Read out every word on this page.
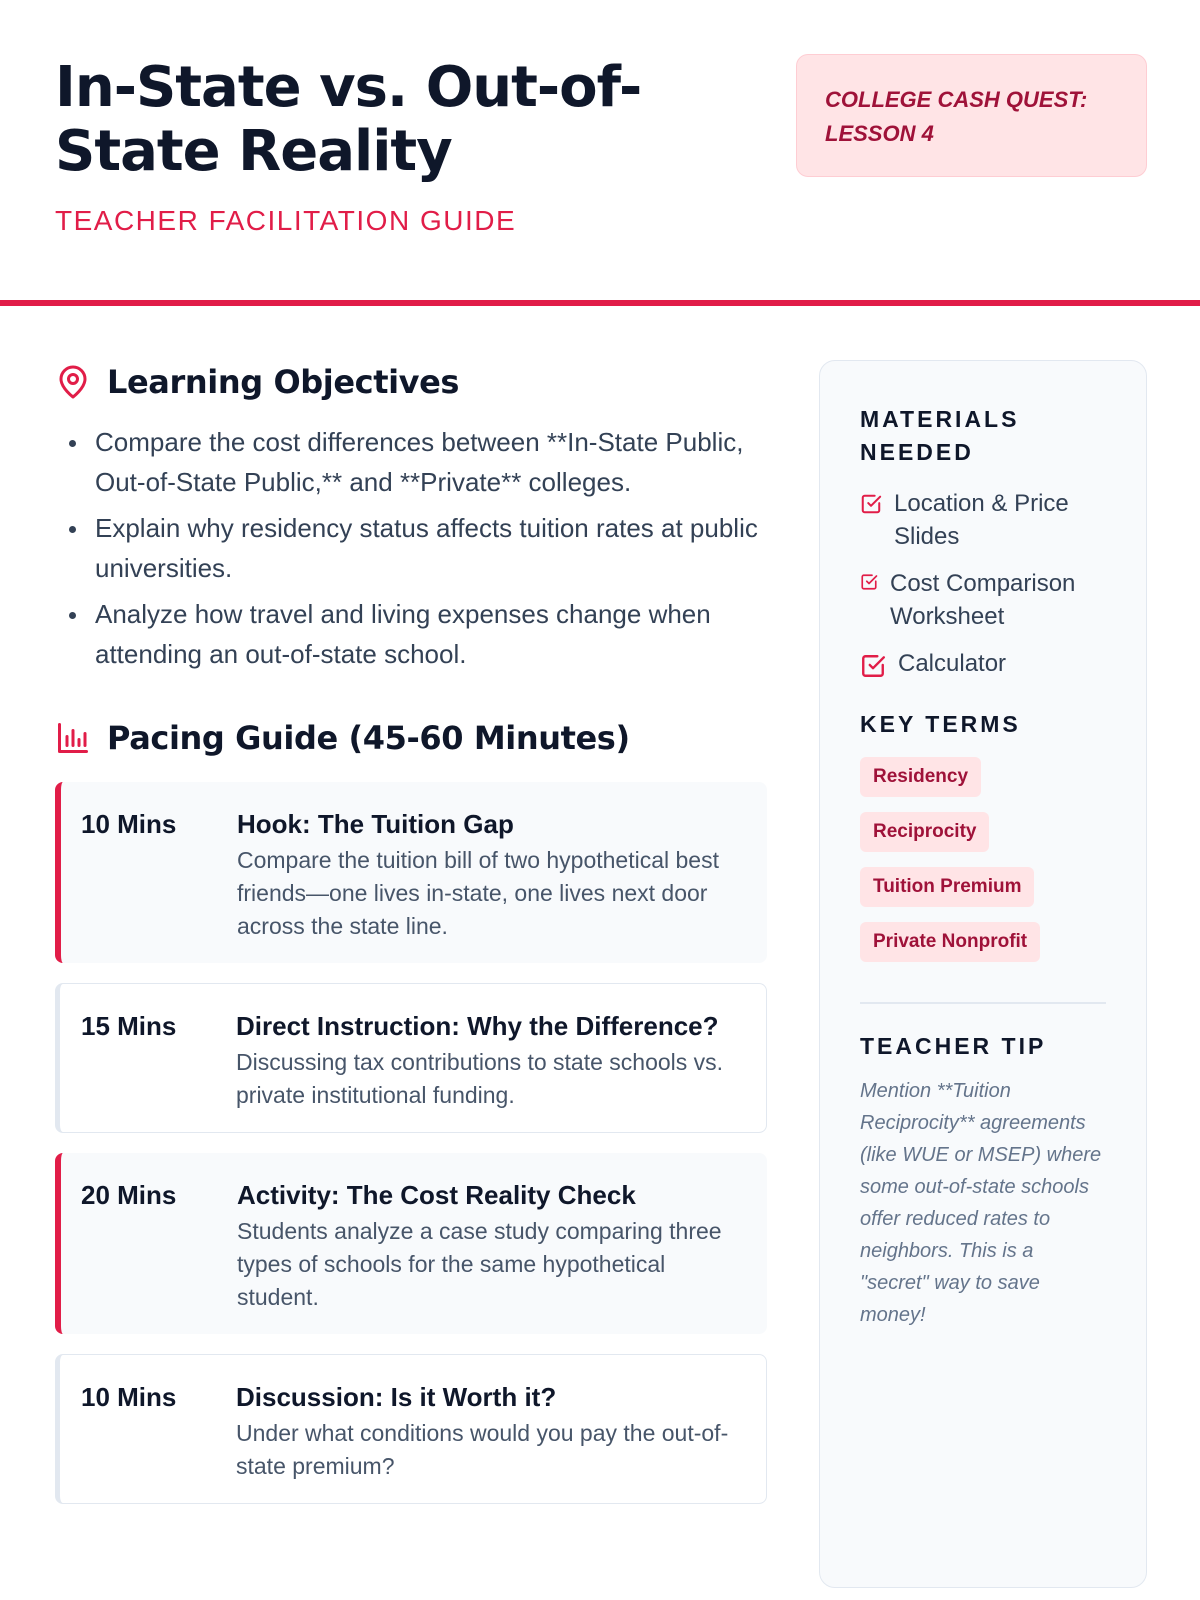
In-State vs. Out-of-State Reality
TEACHER FACILITATION GUIDE
COLLEGE CASH QUEST:
LESSON 4
Learning Objectives
Compare the cost differences between **In-State Public, Out-of-State Public,** and **Private** colleges.
Explain why residency status affects tuition rates at public universities.
Analyze how travel and living expenses change when attending an out-of-state school.
Pacing Guide (45-60 Minutes)
10 Mins	Hook: The Tuition Gap
Compare the tuition bill of two hypothetical best friends—one lives in-state, one lives next door across the state line.
15 Mins	Direct Instruction: Why the Difference?
Discussing tax contributions to state schools vs. private institutional funding.
20 Mins	Activity: The Cost Reality Check
Students analyze a case study comparing three types of schools for the same hypothetical student.
10 Mins	Discussion: Is it Worth it?
Under what conditions would you pay the out-of-state premium?
MATERIALS NEEDED
Location & Price Slides
Cost Comparison Worksheet
Calculator
KEY TERMS
Residency
Reciprocity
Tuition Premium
Private Nonprofit
TEACHER TIP

Mention **Tuition Reciprocity** agreements (like WUE or MSEP) where some out-of-state schools offer reduced rates to neighbors. This is a "secret" way to save money!
